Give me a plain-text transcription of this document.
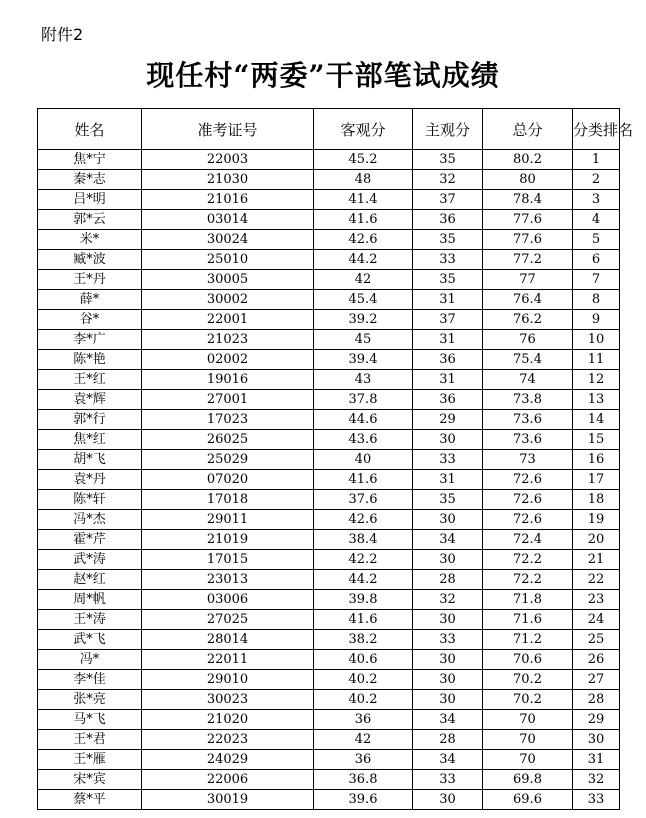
附件2
现任村“两委”干部笔试成绩
姓名	准考证号	客观分	主观分	总分	分类排名
焦*宁	22003	45.2	35	80.2	1
秦*志	21030	48	32	80	2
吕*明	21016	41.4	37	78.4	3
郭*云	03014	41.6	36	77.6	4
米*	30024	42.6	35	77.6	5
臧*波	25010	44.2	33	77.2	6
王*丹	30005	42	35	77	7
薛*	30002	45.4	31	76.4	8
谷*	22001	39.2	37	76.2	9
李*广	21023	45	31	76	10
陈*艳	02002	39.4	36	75.4	11
王*红	19016	43	31	74	12
袁*辉	27001	37.8	36	73.8	13
郭*行	17023	44.6	29	73.6	14
焦*红	26025	43.6	30	73.6	15
胡*飞	25029	40	33	73	16
袁*丹	07020	41.6	31	72.6	17
陈*轩	17018	37.6	35	72.6	18
冯*杰	29011	42.6	30	72.6	19
霍*芹	21019	38.4	34	72.4	20
武*涛	17015	42.2	30	72.2	21
赵*红	23013	44.2	28	72.2	22
周*帆	03006	39.8	32	71.8	23
王*涛	27025	41.6	30	71.6	24
武*飞	28014	38.2	33	71.2	25
冯*	22011	40.6	30	70.6	26
李*佳	29010	40.2	30	70.2	27
张*亮	30023	40.2	30	70.2	28
马*飞	21020	36	34	70	29
王*君	22023	42	28	70	30
王*雁	24029	36	34	70	31
宋*宾	22006	36.8	33	69.8	32
蔡*平	30019	39.6	30	69.6	33
